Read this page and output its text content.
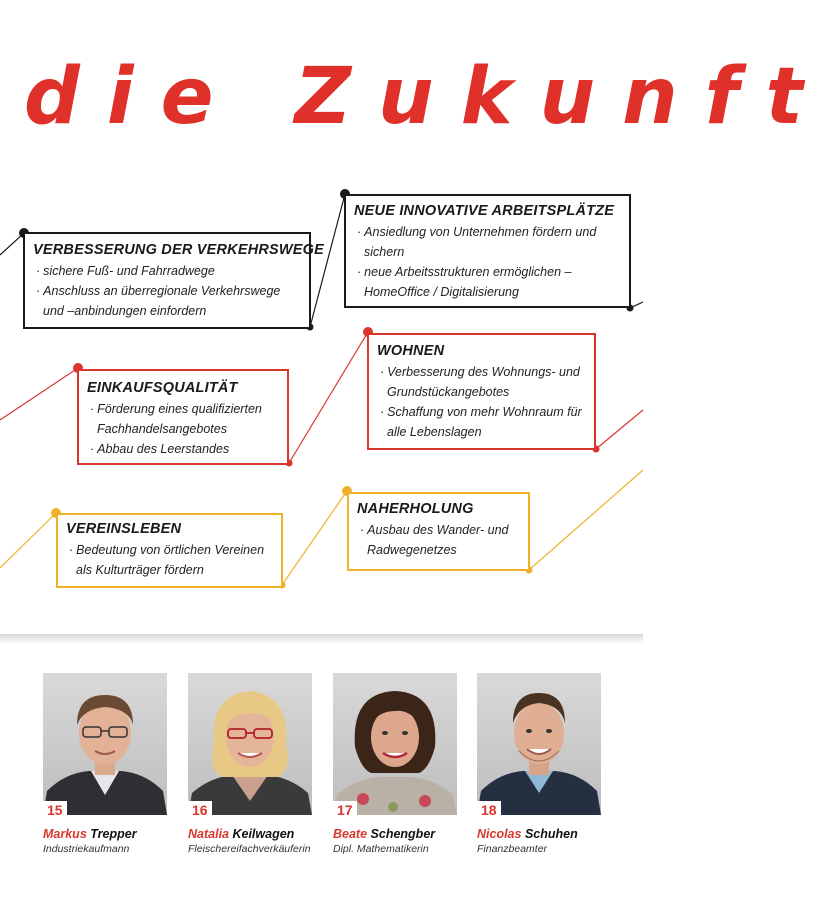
die Zukunft
VERBESSERUNG DER VERKEHRSWEGE
· sichere Fuß- und Fahrradwege
· Anschluss an überregionale Verkehrswege und –anbindungen einfordern
NEUE INNOVATIVE ARBEITSPLÄTZE
· Ansiedlung von Unternehmen fördern und sichern
· neue Arbeitsstrukturen ermöglichen – HomeOffice / Digitalisierung
EINKAUFSQUALITÄT
· Förderung eines qualifizierten Fachhandelsangebotes
· Abbau des Leerstandes
WOHNEN
· Verbesserung des Wohnungs- und Grundstückangebotes
· Schaffung von mehr Wohnraum für alle Lebenslagen
VEREINSLEBEN
· Bedeutung von örtlichen Vereinen als Kulturträger fördern
NAHERHOLUNG
· Ausbau des Wander- und Radwegenetzes
15
Markus Trepper
Industriekaufmann
16
Natalia Keilwagen
Fleischereifachverkäuferin
17
Beate Schengber
Dipl. Mathematikerin
18
Nicolas Schuhen
Finanzbeamter
